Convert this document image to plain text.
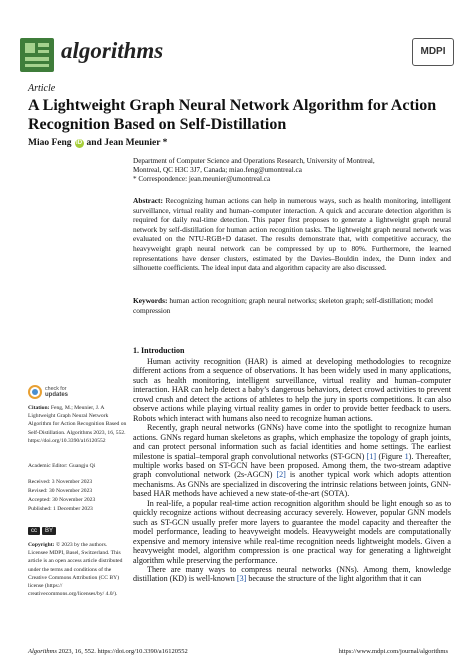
algorithms	MDPI
Article
A Lightweight Graph Neural Network Algorithm for Action Recognition Based on Self-Distillation
Miao Feng iD and Jean Meunier *
Department of Computer Science and Operations Research, University of Montreal,
Montreal, QC H3C 3J7, Canada; miao.feng@umontreal.ca
* Correspondence: jean.meunier@umontreal.ca
Abstract: Recognizing human actions can help in numerous ways, such as health monitoring, intelligent surveillance, virtual reality and human–computer interaction. A quick and accurate detection algorithm is required for daily real-time detection. This paper first proposes to generate a lightweight graph neural network by self-distillation for human action recognition tasks. The lightweight graph neural network was evaluated on the NTU-RGB+D dataset. The results demonstrate that, with competitive accuracy, the heavyweight graph neural network can be compressed by up to 80%. Furthermore, the learned representations have denser clusters, estimated by the Davies–Bouldin index, the Dunn index and silhouette coefficients. The ideal input data and algorithm capacity are also discussed.
Keywords: human action recognition; graph neural networks; skeleton graph; self-distillation; model compression
check for
updates
Citation: Feng, M.; Meunier, J. A Lightweight Graph Neural Network Algorithm for Action Recognition Based on Self-Distillation. Algorithms 2023, 16, 552. https://doi.org/10.3390/a16120552
Academic Editor: Guangju Qi
Received: 3 November 2023
Revised: 30 November 2023
Accepted: 30 November 2023
Published: 1 December 2023
cc	BY
Copyright: © 2023 by the authors. Licensee MDPI, Basel, Switzerland. This article is an open access article distributed under the terms and conditions of the Creative Commons Attribution (CC BY) license (https:// creativecommons.org/licenses/by/ 4.0/).
1. Introduction

Human activity recognition (HAR) is aimed at developing methodologies to recognize different actions from a sequence of observations. It has been widely used in many applications, such as health monitoring, intelligent surveillance, virtual reality and human–computer interaction. HAR can help detect a baby’s dangerous behaviors, detect crowd activities to prevent crowd crush and detect the actions of athletes to help the jury in sports competitions. It can also observe actions while playing virtual reality games in order to provide better feedback to users. Robots which interact with humans also need to recognize human actions.

Recently, graph neural networks (GNNs) have come into the spotlight to recognize human actions. GNNs regard human skeletons as graphs, which emphasize the topology of graph joints, and can protect personal information such as facial identities and home settings. The earliest milestone is spatial–temporal graph convolutional networks (ST-GCN) [1] (Figure 1). Thereafter, multiple works based on ST-GCN have been proposed. Among them, the two-stream adaptive graph convolutional network (2s-AGCN) [2] is another typical work which adopts attention mechanisms. As GNNs are specialized in discovering the intrinsic relations between joints, GNN-based HAR methods have achieved a new state-of-the-art (SOTA).

In real-life, a popular real-time action recognition algorithm should be light enough so as to quickly recognize actions without decreasing accuracy severely. However, popular GNN models such as ST-GCN usually prefer more layers to guarantee the model capacity and thereafter the model performance, leading to heavyweight models. Heavyweight models are computationally expensive and memory intensive while real-time recognition needs lightweight models. Given a heavyweight model, algorithm compression is one practical way for generating a lightweight algorithm while preserving the performance.

There are many ways to compress neural networks (NNs). Among them, knowledge distillation (KD) is well-known [3] because the structure of the light algorithm that it can

Algorithms 2023, 16, 552. https://doi.org/10.3390/a16120552	https://www.mdpi.com/journal/algorithms
